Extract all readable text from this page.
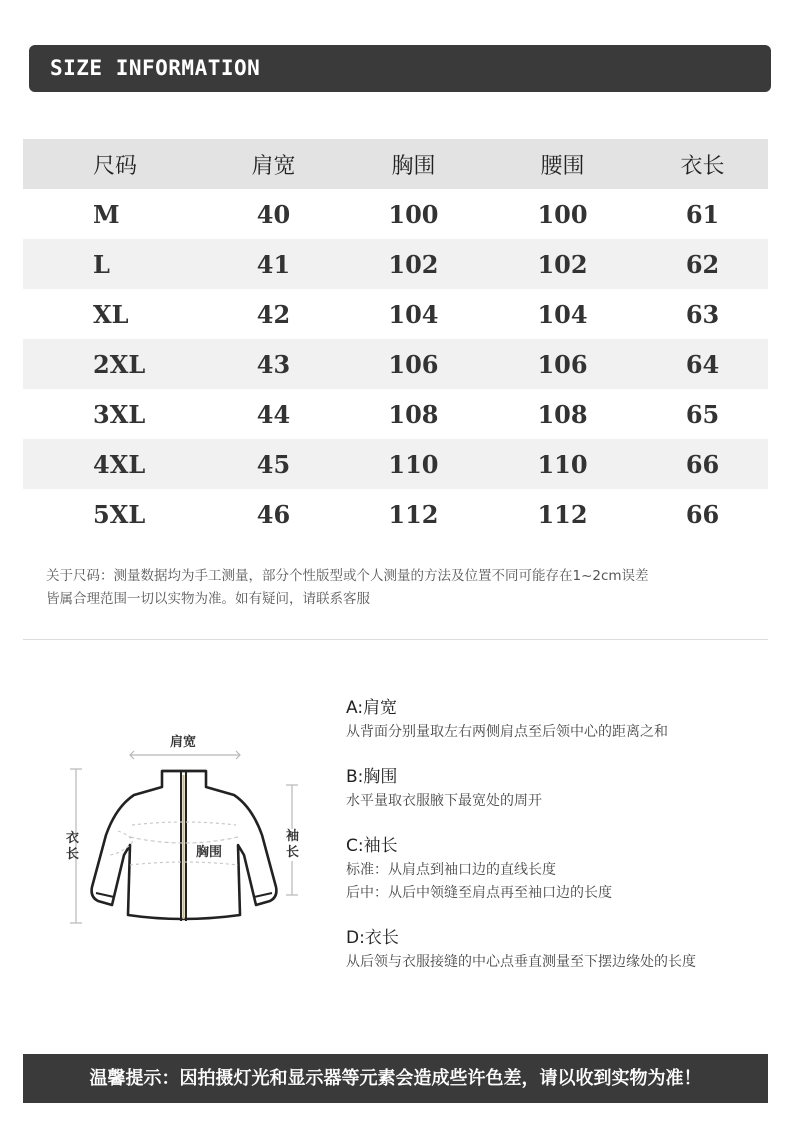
SIZE INFORMATION
尺码	肩宽	胸围	腰围	衣长
M	40	100	100	61
L	41	102	102	62
XL	42	104	104	63
2XL	43	106	106	64
3XL	44	108	108	65
4XL	45	110	110	66
5XL	46	112	112	66
关于尺码：测量数据均为手工测量，部分个性版型或个人测量的方法及位置不同可能存在1~2cm误差
皆属合理范围一切以实物为准。如有疑问，请联系客服
肩宽
胸围
衣
长
袖
长
A:肩宽
从背面分别量取左右两侧肩点至后领中心的距离之和
B:胸围
水平量取衣服腋下最宽处的周开
C:袖长
标准：从肩点到袖口边的直线长度
后中：从后中领缝至肩点再至袖口边的长度
D:衣长
从后领与衣服接缝的中心点垂直测量至下摆边缘处的长度
温馨提示：因拍摄灯光和显示器等元素会造成些许色差，请以收到实物为准！
